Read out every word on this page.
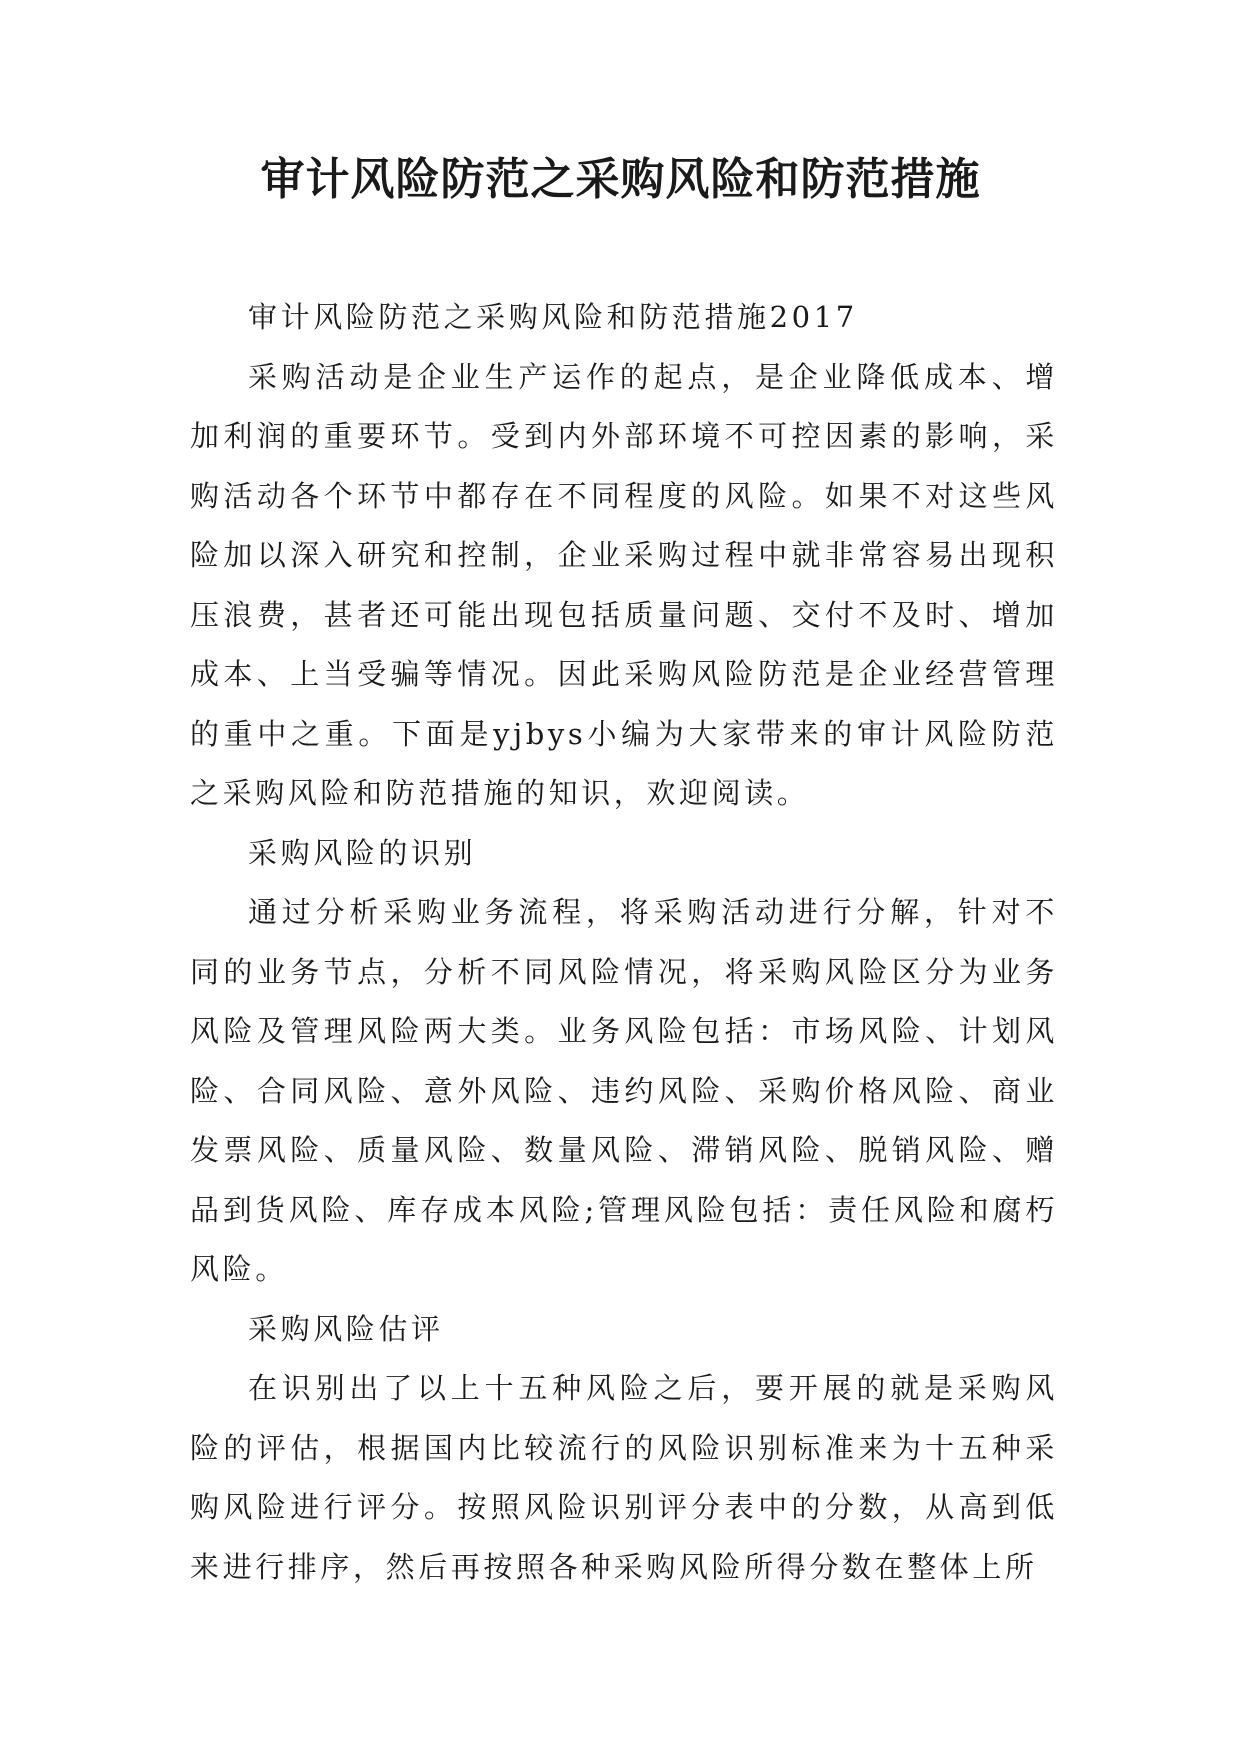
审计风险防范之采购风险和防范措施

审计风险防范之采购风险和防范措施2017

采购活动是企业生产运作的起点，是企业降低成本、增加利润的重要环节。受到内外部环境不可控因素的影响，采购活动各个环节中都存在不同程度的风险。如果不对这些风险加以深入研究和控制，企业采购过程中就非常容易出现积压浪费，甚者还可能出现包括质量问题、交付不及时、增加成本、上当受骗等情况。因此采购风险防范是企业经营管理的重中之重。下面是yjbys小编为大家带来的审计风险防范之采购风险和防范措施的知识，欢迎阅读。

采购风险的识别

通过分析采购业务流程，将采购活动进行分解，针对不同的业务节点，分析不同风险情况，将采购风险区分为业务风险及管理风险两大类。业务风险包括：市场风险、计划风险、合同风险、意外风险、违约风险、采购价格风险、商业发票风险、质量风险、数量风险、滞销风险、脱销风险、赠品到货风险、库存成本风险;管理风险包括：责任风险和腐朽风险。

采购风险估评

在识别出了以上十五种风险之后，要开展的就是采购风险的评估，根据国内比较流行的风险识别标准来为十五种采购风险进行评分。按照风险识别评分表中的分数，从高到低来进行排序，然后再按照各种采购风险所得分数在整体上所
